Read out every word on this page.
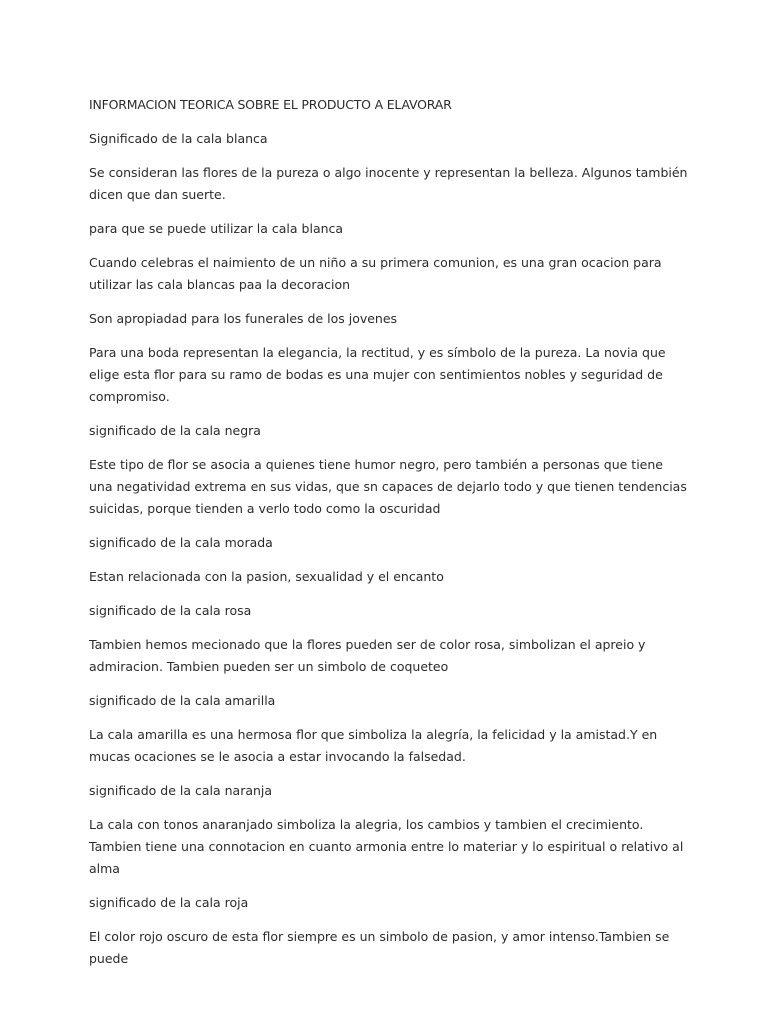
INFORMACION TEORICA SOBRE EL PRODUCTO A ELAVORAR

Significado de la cala blanca

Se consideran las flores de la pureza o algo inocente y representan la belleza. Algunos también dicen que dan suerte.

para que se puede utilizar la cala blanca

Cuando celebras el naimiento de un niño a su primera comunion, es una gran ocacion para utilizar las cala blancas paa la decoracion

Son apropiadad para los funerales de los jovenes

Para una boda representan la elegancia, la rectitud, y es símbolo de la pureza. La novia que elige esta flor para su ramo de bodas es una mujer con sentimientos nobles y seguridad de compromiso.

significado de la cala negra

Este tipo de flor se asocia a quienes tiene humor negro, pero también a personas que tiene una negatividad extrema en sus vidas, que sn capaces de dejarlo todo y que tienen tendencias suicidas, porque tienden a verlo todo como la oscuridad

significado de la cala morada

Estan relacionada con la pasion, sexualidad y el encanto

significado de la cala rosa

Tambien hemos mecionado que la flores pueden ser de color rosa, simbolizan el apreio y admiracion. Tambien pueden ser un simbolo de coqueteo

significado de la cala amarilla

La cala amarilla es una hermosa flor que simboliza la alegría, la felicidad y la amistad.Y en mucas ocaciones se le asocia a estar invocando la falsedad.

significado de la cala naranja

La cala con tonos anaranjado simboliza la alegria, los cambios y tambien el crecimiento. Tambien tiene una connotacion en cuanto armonia entre lo materiar y lo espiritual o relativo al alma

significado de la cala roja

El color rojo oscuro de esta flor siempre es un simbolo de pasion, y amor intenso.Tambien se puede
